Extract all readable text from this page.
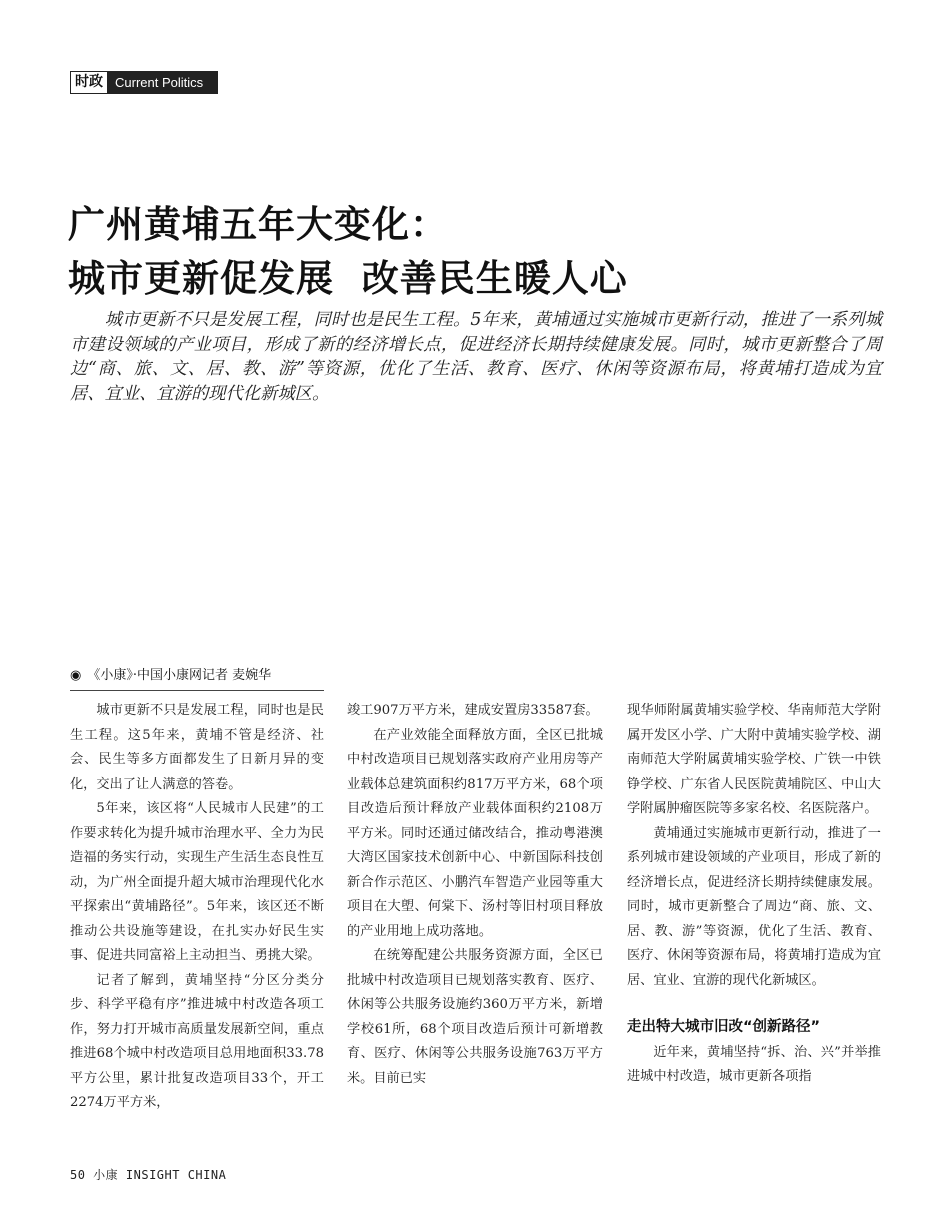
时政 Current Politics
广州黄埔五年大变化：
城市更新促发展  改善民生暖人心

城市更新不只是发展工程，同时也是民生工程。5年来，黄埔通过实施城市更新行动，推进了一系列城市建设领域的产业项目，形成了新的经济增长点，促进经济长期持续健康发展。同时，城市更新整合了周边“商、旅、文、居、教、游”等资源，优化了生活、教育、医疗、休闲等资源布局，将黄埔打造成为宜居、宜业、宜游的现代化新城区。

◉ 《小康》·中国小康网记者 麦婉华

城市更新不只是发展工程，同时也是民生工程。这5年来，黄埔不管是经济、社会、民生等多方面都发生了日新月异的变化，交出了让人满意的答卷。

5年来，该区将“人民城市人民建”的工作要求转化为提升城市治理水平、全力为民造福的务实行动，实现生产生活生态良性互动，为广州全面提升超大城市治理现代化水平探索出“黄埔路径”。5年来，该区还不断推动公共设施等建设，在扎实办好民生实事、促进共同富裕上主动担当、勇挑大梁。

记者了解到，黄埔坚持“分区分类分步、科学平稳有序”推进城中村改造各项工作，努力打开城市高质量发展新空间，重点推进68个城中村改造项目总用地面积33.78平方公里，累计批复改造项目33个，开工2274万平方米，

竣工907万平方米，建成安置房33587套。

在产业效能全面释放方面，全区已批城中村改造项目已规划落实政府产业用房等产业载体总建筑面积约817万平方米，68个项目改造后预计释放产业载体面积约2108万平方米。同时还通过储改结合，推动粤港澳大湾区国家技术创新中心、中新国际科技创新合作示范区、小鹏汽车智造产业园等重大项目在大塱、何棠下、汤村等旧村项目释放的产业用地上成功落地。

在统筹配建公共服务资源方面，全区已批城中村改造项目已规划落实教育、医疗、休闲等公共服务设施约360万平方米，新增学校61所，68个项目改造后预计可新增教育、医疗、休闲等公共服务设施763万平方米。目前已实

现华师附属黄埔实验学校、华南师范大学附属开发区小学、广大附中黄埔实验学校、湖南师范大学附属黄埔实验学校、广铁一中铁铮学校、广东省人民医院黄埔院区、中山大学附属肿瘤医院等多家名校、名医院落户。

黄埔通过实施城市更新行动，推进了一系列城市建设领域的产业项目，形成了新的经济增长点，促进经济长期持续健康发展。同时，城市更新整合了周边“商、旅、文、居、教、游”等资源，优化了生活、教育、医疗、休闲等资源布局，将黄埔打造成为宜居、宜业、宜游的现代化新城区。

走出特大城市旧改“创新路径”

近年来，黄埔坚持“拆、治、兴”并举推进城中村改造，城市更新各项指

50 小康 INSIGHT CHINA
